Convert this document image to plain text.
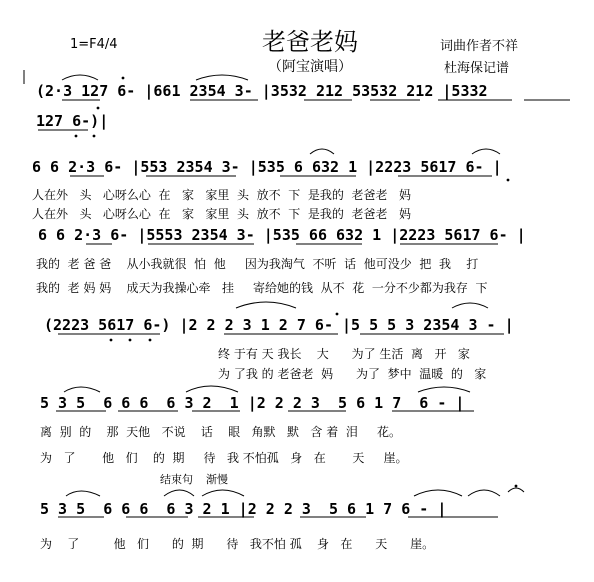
1=F4/4	老爸老妈
（阿宝演唱）
词曲作者不祥
杜海保记谱
(2·3 127 6- |661 2354 3- |3532 212 53532 212 |5332
127 6-)|
6 6 2·3 6- |553 2354 3- |535 6 632 1 |2223 5617 6- |
人在外   头   心呀么心  在   家   家里  头  放不  下  是我的  老爸老   妈
人在外   头   心呀么心  在   家   家里  头  放不  下  是我的  老爸老   妈
6 6 2·3 6- |5553 2354 3- |535 66 632 1 |2223 5617 6- |
我的  老 爸 爸    从小我就很  怕  他     因为我淘气  不听  话  他可没少  把  我    打
我的  老 妈 妈    成天为我操心牵   挂     寄给她的钱  从不  花  一分不少都为我存  下
(2223 5617 6-) |2 2 2 3 1 2 7 6- |5 5 5 3 2354 3 - |
终 于有 天 我长    大      为了 生活  离   开   家
为 了我 的 老爸老  妈      为了  梦中  温暖  的   家
5 3 5  6 6 6  6 3 2  1 |2 2 2 3  5 6 1 7  6 - |
离  别  的    那  天他   不说    话    眼   角默   默   含 着  泪     花。
为   了       他   们    的  期     待   我 不怕孤   身   在       天     崖。
结束句 渐慢
5 3 5  6 6 6  6 3 2 1 |2 2 2 3  5 6 1 7 6 - |
为    了         他   们      的  期      待   我不怕 孤    身   在      天      崖。
